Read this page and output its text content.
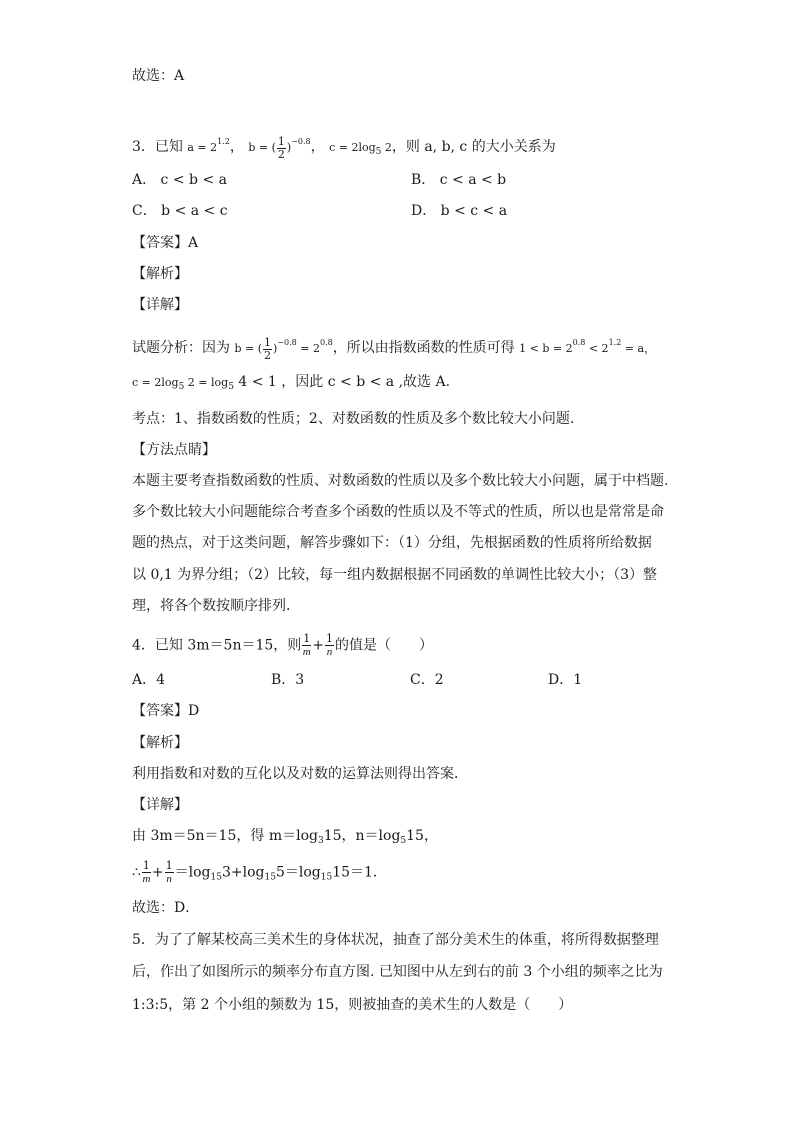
故选：A
3．已知 $a = 2^{1.2}$， b = ( $\frac{1}{2} )^{-0.8}$， $c = 2\log_5$ 2，则 a, b, c 的大小关系为
A． c < b < a	B． c < a < b
C． b < a < c	D． b < c < a
【答案】A
【解析】
【详解】
试题分析：因为 b = ( $\frac{1}{2} )^{-0.8} = 2^{0.8}$，所以由指数函数的性质可得 $1 < b = 2^{0.8} < 2^{1.2} = a$，
$c = 2\log_5$ $2 = \log_5 4 < 1$ ，因此 c < b < a ,故选 A.
考点：1、指数函数的性质；2、对数函数的性质及多个数比较大小问题.
【方法点睛】
本题主要考查指数函数的性质、对数函数的性质以及多个数比较大小问题，属于中档题.
多个数比较大小问题能综合考查多个函数的性质以及不等式的性质，所以也是常常是命
题的热点，对于这类问题，解答步骤如下：（1）分组，先根据函数的性质将所给数据
以 0,1 为界分组；（2）比较，每一组内数据根据不同函数的单调性比较大小；（3）整
理，将各个数按顺序排列.
4．已知 3m＝5n＝15，则 $\frac{1}{m}+ \frac{1}{n}$的值是（　　）
A．4	B．3	C．2	D．1
【答案】D
【解析】
利用指数和对数的互化以及对数的运算法则得出答案．
【详解】
由 3m＝5n＝15，得 $m=\log_315$，$n=\log_515$，
∴ $\frac{1}{m}+ \frac{1}{n}=\log_{15}3+\log_{15}5=\log_{15}15=1$．
故选：D．
5．为了了解某校高三美术生的身体状况，抽查了部分美术生的体重，将所得数据整理
后，作出了如图所示的频率分布直方图. 已知图中从左到右的前 3 个小组的频率之比为
1:3:5，第 2 个小组的频数为 15，则被抽查的美术生的人数是（　　）
